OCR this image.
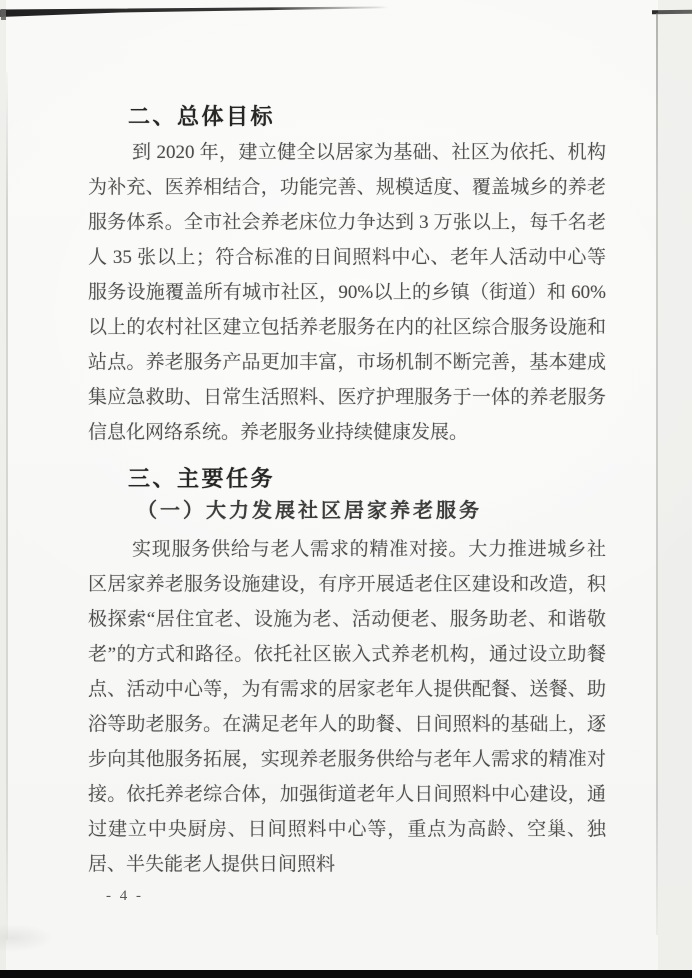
二、总体目标

到 2020 年，建立健全以居家为基础、社区为依托、机构为补充、医养相结合，功能完善、规模适度、覆盖城乡的养老服务体系。全市社会养老床位力争达到 3 万张以上，每千名老人 35 张以上；符合标准的日间照料中心、老年人活动中心等服务设施覆盖所有城市社区，90%以上的乡镇（街道）和 60%以上的农村社区建立包括养老服务在内的社区综合服务设施和站点。养老服务产品更加丰富，市场机制不断完善，基本建成集应急救助、日常生活照料、医疗护理服务于一体的养老服务信息化网络系统。养老服务业持续健康发展。

三、主要任务
（一）大力发展社区居家养老服务

实现服务供给与老人需求的精准对接。大力推进城乡社区居家养老服务设施建设，有序开展适老住区建设和改造，积极探索“居住宜老、设施为老、活动便老、服务助老、和谐敬老”的方式和路径。依托社区嵌入式养老机构，通过设立助餐点、活动中心等，为有需求的居家老年人提供配餐、送餐、助浴等助老服务。在满足老年人的助餐、日间照料的基础上，逐步向其他服务拓展，实现养老服务供给与老年人需求的精准对接。依托养老综合体，加强街道老年人日间照料中心建设，通过建立中央厨房、日间照料中心等，重点为高龄、空巢、独居、半失能老人提供日间照料

- 4 -
